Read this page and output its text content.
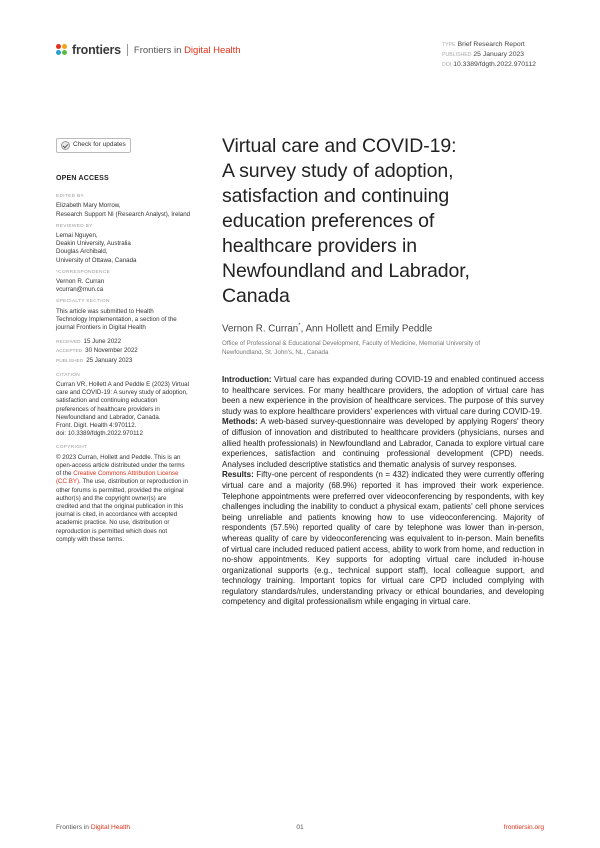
frontiers Frontiers in Digital Health	TYPE Brief Research Report
PUBLISHED 25 January 2023
DOI 10.3389/fdgth.2022.970112
Check for updates
OPEN ACCESS
EDITED BY
Elizabeth Mary Morrow,
Research Support NI (Research Analyst), Ireland
REVIEWED BY
Lemai Nguyen,
Deakin University, Australia
Douglas Archibald,
University of Ottawa, Canada
*CORRESPONDENCE
Vernon R. Curran
vcurran@mun.ca
SPECIALTY SECTION
This article was submitted to Health
Technology Implementation, a section of the
journal Frontiers in Digital Health
RECEIVED 15 June 2022
ACCEPTED 30 November 2022
PUBLISHED 25 January 2023
CITATION
Curran VR, Hollett A and Peddle E (2023) Virtual
care and COVID-19: A survey study of adoption,
satisfaction and continuing education
preferences of healthcare providers in
Newfoundland and Labrador, Canada.
Front. Digit. Health 4:970112.
doi: 10.3389/fdgth.2022.970112
COPYRIGHT
© 2023 Curran, Hollett and Peddle. This is an
open-access article distributed under the terms
of the Creative Commons Attribution License
(CC BY). The use, distribution or reproduction in
other forums is permitted, provided the original
author(s) and the copyright owner(s) are
credited and that the original publication in this
journal is cited, in accordance with accepted
academic practice. No use, distribution or
reproduction is permitted which does not
comply with these terms.
Virtual care and COVID-19:
A survey study of adoption,
satisfaction and continuing
education preferences of
healthcare providers in
Newfoundland and Labrador,
Canada
Vernon R. Curran*, Ann Hollett and Emily Peddle
Office of Professional & Educational Development, Faculty of Medicine, Memorial University of
Newfoundland, St. John's, NL, Canada

Introduction: Virtual care has expanded during COVID-19 and enabled continued access to healthcare services. For many healthcare providers, the adoption of virtual care has been a new experience in the provision of healthcare services. The purpose of this survey study was to explore healthcare providers' experiences with virtual care during COVID-19.

Methods: A web-based survey-questionnaire was developed by applying Rogers' theory of diffusion of innovation and distributed to healthcare providers (physicians, nurses and allied health professionals) in Newfoundland and Labrador, Canada to explore virtual care experiences, satisfaction and continuing professional development (CPD) needs. Analyses included descriptive statistics and thematic analysis of survey responses.

Results: Fifty-one percent of respondents (n = 432) indicated they were currently offering virtual care and a majority (68.9%) reported it has improved their work experience. Telephone appointments were preferred over videoconferencing by respondents, with key challenges including the inability to conduct a physical exam, patients' cell phone services being unreliable and patients knowing how to use videoconferencing. Majority of respondents (57.5%) reported quality of care by telephone was lower than in-person, whereas quality of care by videoconferencing was equivalent to in-person. Main benefits of virtual care included reduced patient access, ability to work from home, and reduction in no-show appointments. Key supports for adopting virtual care included in-house organizational supports (e.g., technical support staff), local colleague support, and technology training. Important topics for virtual care CPD included complying with regulatory standards/rules, understanding privacy or ethical boundaries, and developing competency and digital professionalism while engaging in virtual care.

Frontiers in Digital Health	01	frontiersin.org
